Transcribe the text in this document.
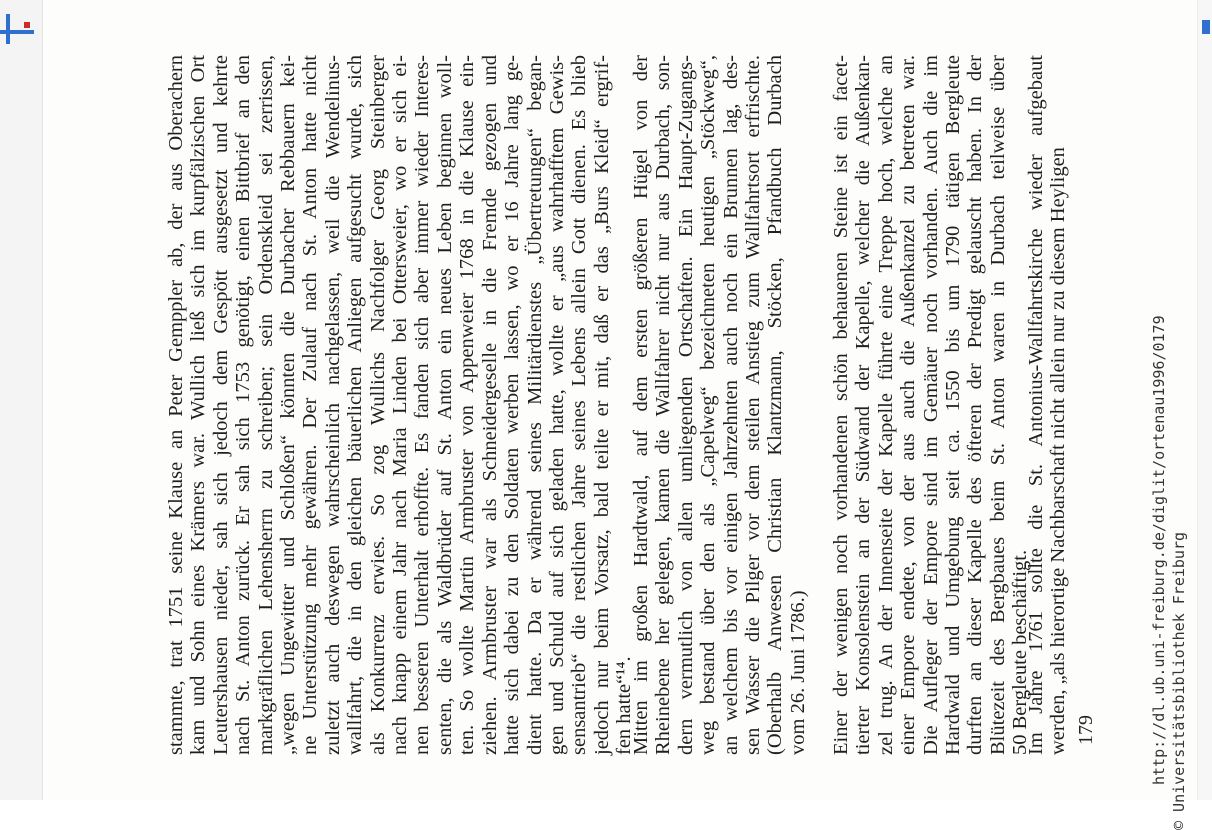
stammte, trat 1751 seine Klause an Peter Gemppler ab, der aus Oberachern kam und Sohn eines Krämers war. Wullich ließ sich im kurpfälzischen Ort Leutershausen nieder, sah sich jedoch dem Gespött ausgesetzt und kehrte nach St. Anton zurück. Er sah sich 1753 genötigt, einen Bittbrief an den markgräflichen Lehensherrn zu schreiben; sein Ordenskleid sei zerrissen, „wegen Ungewitter und Schloßen“ könnten die Durbacher Rebbauern kei- ne Unterstützung mehr gewähren. Der Zulauf nach St. Anton hatte nicht zuletzt auch deswegen wahrscheinlich nachgelassen, weil die Wendelinus- wallfahrt, die in den gleichen bäuerlichen Anliegen aufgesucht wurde, sich als Konkurrenz erwies. So zog Wullichs Nachfolger Georg Steinberger nach knapp einem Jahr nach Maria Linden bei Ottersweier, wo er sich ei- nen besseren Unterhalt erhoffte. Es fanden sich aber immer wieder Interes- senten, die als Waldbrüder auf St. Anton ein neues Leben beginnen woll- ten. So wollte Martin Armbruster von Appenweier 1768 in die Klause ein- ziehen. Armbruster war als Schneidergeselle in die Fremde gezogen und hatte sich dabei zu den Soldaten werben lassen, wo er 16 Jahre lang ge- dient hatte. Da er während seines Militärdienstes „Übertretungen“ began- gen und Schuld auf sich geladen hatte, wollte er „aus wahrhafftem Gewis- sensantrieb“ die restlichen Jahre seines Lebens allein Gott dienen. Es blieb jedoch nur beim Vorsatz, bald teilte er mit, daß er das „Burs Kleid“ ergrif- fen hatte“¹⁴.
Mitten im großen Hardtwald, auf dem ersten größeren Hügel von der Rheinebene her gelegen, kamen die Wallfahrer nicht nur aus Durbach, son- dern vermutlich von allen umliegenden Ortschaften. Ein Haupt-Zugangs- weg bestand über den als „Capelweg“ bezeichneten heutigen „Stöckweg“, an welchem bis vor einigen Jahrzehnten auch noch ein Brunnen lag, des- sen Wasser die Pilger vor dem steilen Anstieg zum Wallfahrtsort erfrischte. (Oberhalb Anwesen Christian Klantzmann, Stöcken, Pfandbuch Durbach vom 26. Juni 1786.) Einer der wenigen noch vorhandenen schön behauenen Steine ist ein facet- tierter Konsolenstein an der Südwand der Kapelle, welcher die Außenkan- zel trug. An der Innenseite der Kapelle führte eine Treppe hoch, welche an einer Empore endete, von der aus auch die Außenkanzel zu betreten war. Die Aufleger der Empore sind im Gemäuer noch vorhanden. Auch die im Hardwald und Umgebung seit ca. 1550 bis um 1790 tätigen Bergleute durften an dieser Kapelle des öfteren der Predigt gelauscht haben. In der Blütezeit des Bergbaues beim St. Anton waren in Durbach teilweise über 50 Bergleute beschäftigt.
Im Jahre 1761 sollte die St. Antonius-Wallfahrtskirche wieder aufgebaut werden, „als hierortige Nachbarschaft nicht allein nur zu diesem Heyligen 179	http://dl.ub.uni-freiburg.de/diglit/ortenau1996/0179 © Universitätsbibliothek Freiburg
